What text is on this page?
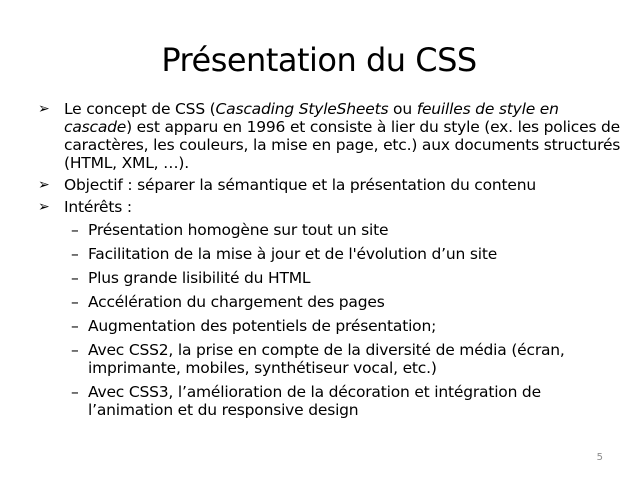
Présentation du CSS
➢ Le concept de CSS (Cascading StyleSheets ou feuilles de style en cascade) est apparu en 1996 et consiste à lier du style (ex. les polices de caractères, les couleurs, la mise en page, etc.) aux documents structurés (HTML, XML, …).
➢ Objectif : séparer la sémantique et la présentation du contenu
➢ Intérêts :
– Présentation homogène sur tout un site
– Facilitation de la mise à jour et de l'évolution d’un site
– Plus grande lisibilité du HTML
– Accélération du chargement des pages
– Augmentation des potentiels de présentation;
– Avec CSS2, la prise en compte de la diversité de média (écran, imprimante, mobiles, synthétiseur vocal, etc.)
– Avec CSS3, l’amélioration de la décoration et intégration de l’animation et du responsive design
5
